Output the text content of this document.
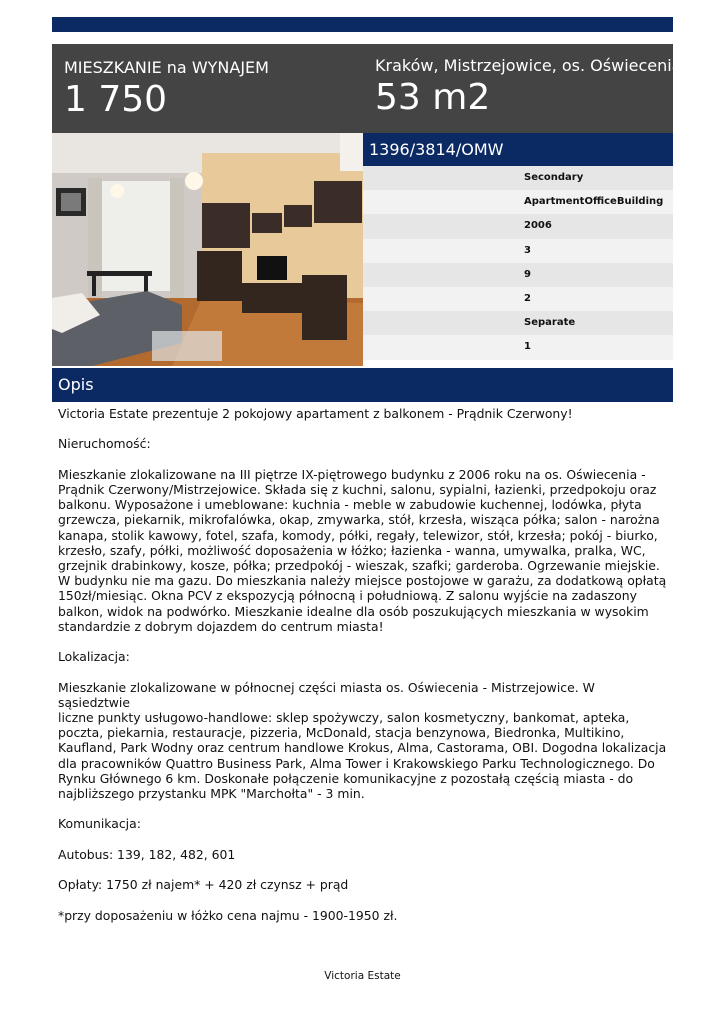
MIESZKANIE na WYNAJEM
1 750
Kraków, Mistrzejowice, os. Oświecenia
53 m2
1396/3814/OMW
Secondary
ApartmentOfficeBuilding
2006
3
9
2
Separate
1
Opis

Victoria Estate prezentuje 2 pokojowy apartament z balkonem - Prądnik Czerwony!

Nieruchomość:

Mieszkanie zlokalizowane na III piętrze IX-piętrowego budynku z 2006 roku na os. Oświecenia -

Prądnik Czerwony/Mistrzejowice. Składa się z kuchni, salonu, sypialni, łazienki, przedpokoju oraz

balkonu. Wyposażone i umeblowane: kuchnia - meble w zabudowie kuchennej, lodówka, płyta

grzewcza, piekarnik, mikrofalówka, okap, zmywarka, stół, krzesła, wisząca półka; salon - narożna

kanapa, stolik kawowy, fotel, szafa, komody, półki, regały, telewizor, stół, krzesła; pokój - biurko,

krzesło, szafy, półki, możliwość doposażenia w łóżko; łazienka - wanna, umywalka, pralka, WC,

grzejnik drabinkowy, kosze, półka; przedpokój - wieszak, szafki; garderoba. Ogrzewanie miejskie.

W budynku nie ma gazu. Do mieszkania należy miejsce postojowe w garażu, za dodatkową opłatą

150zł/miesiąc. Okna PCV z ekspozycją północną i południową. Z salonu wyjście na zadaszony

balkon, widok na podwórko. Mieszkanie idealne dla osób poszukujących mieszkania w wysokim

standardzie z dobrym dojazdem do centrum miasta!

Lokalizacja:

Mieszkanie zlokalizowane w północnej części miasta os. Oświecenia - Mistrzejowice. W sąsiedztwie

liczne punkty usługowo-handlowe: sklep spożywczy, salon kosmetyczny, bankomat, apteka,

poczta, piekarnia, restauracje, pizzeria, McDonald, stacja benzynowa, Biedronka, Multikino,

Kaufland, Park Wodny oraz centrum handlowe Krokus, Alma, Castorama, OBI. Dogodna lokalizacja

dla pracowników Quattro Business Park, Alma Tower i Krakowskiego Parku Technologicznego. Do

Rynku Głównego 6 km. Doskonałe połączenie komunikacyjne z pozostałą częścią miasta - do

najbliższego przystanku MPK "Marchołta" - 3 min.

Komunikacja:

Autobus: 139, 182, 482, 601

Opłaty: 1750 zł najem* + 420 zł czynsz + prąd

*przy doposażeniu w łóżko cena najmu - 1900-1950 zł.

Victoria Estate
